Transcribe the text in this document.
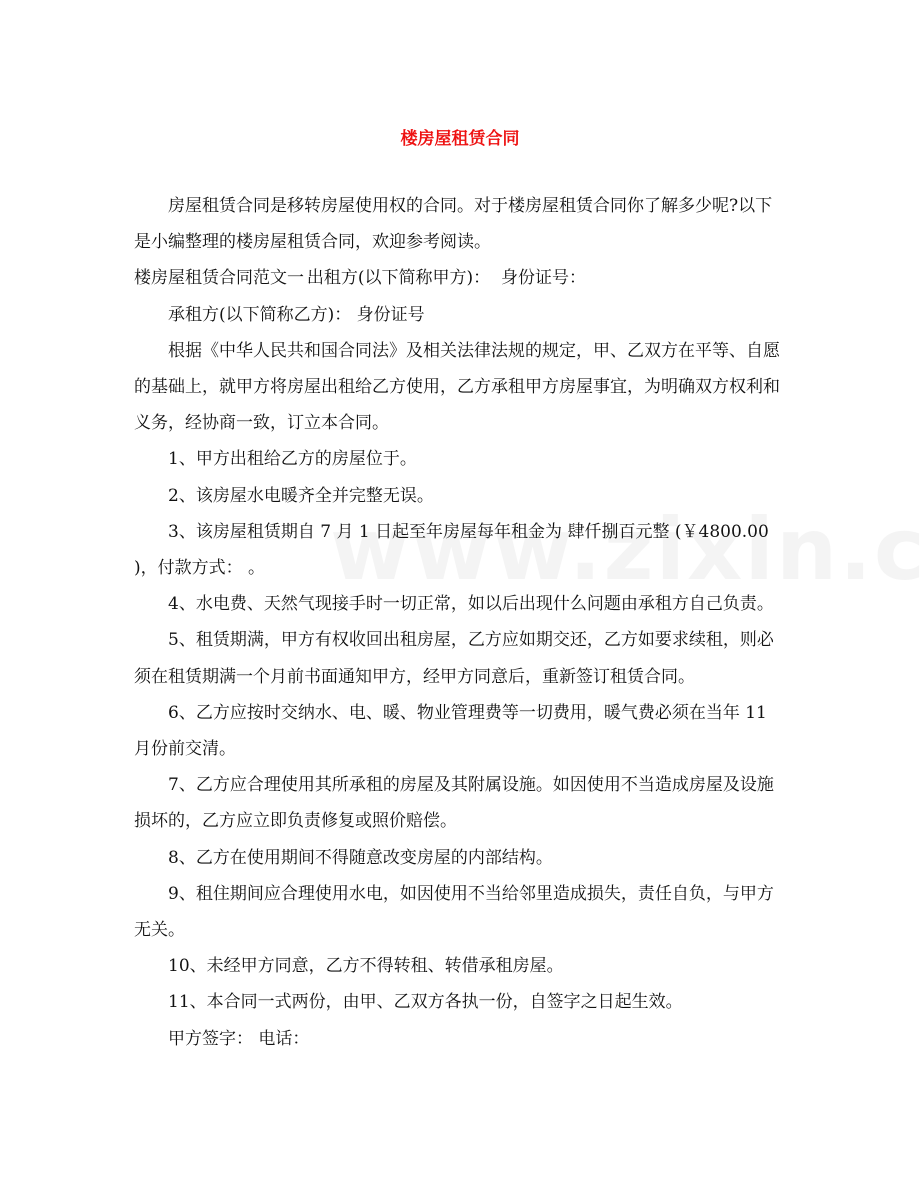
楼房屋租赁合同

房屋租赁合同是移转房屋使用权的合同。对于楼房屋租赁合同你了解多少呢?以下是小编整理的楼房屋租赁合同，欢迎参考阅读。

楼房屋租赁合同范文一	出租方(以下简称甲方)：  身份证号：

承租方(以下简称乙方)： 身份证号

根据《中华人民共和国合同法》及相关法律法规的规定，甲、乙双方在平等、自愿的基础上，就甲方将房屋出租给乙方使用，乙方承租甲方房屋事宜，为明确双方权利和义务，经协商一致，订立本合同。

1、甲方出租给乙方的房屋位于。

2、该房屋水电暖齐全并完整无误。

3、该房屋租赁期自 7 月 1 日起至年房屋每年租金为 肆仟捌百元整 (￥4800.00 )，付款方式： 。

4、水电费、天然气现接手时一切正常，如以后出现什么问题由承租方自己负责。

5、租赁期满，甲方有权收回出租房屋，乙方应如期交还，乙方如要求续租，则必须在租赁期满一个月前书面通知甲方，经甲方同意后，重新签订租赁合同。

6、乙方应按时交纳水、电、暖、物业管理费等一切费用，暖气费必须在当年 11 月份前交清。

7、乙方应合理使用其所承租的房屋及其附属设施。如因使用不当造成房屋及设施损坏的，乙方应立即负责修复或照价赔偿。

8、乙方在使用期间不得随意改变房屋的内部结构。

9、租住期间应合理使用水电，如因使用不当给邻里造成损失，责任自负，与甲方无关。

10、未经甲方同意，乙方不得转租、转借承租房屋。

11、本合同一式两份，由甲、乙双方各执一份，自签字之日起生效。

甲方签字： 电话：
